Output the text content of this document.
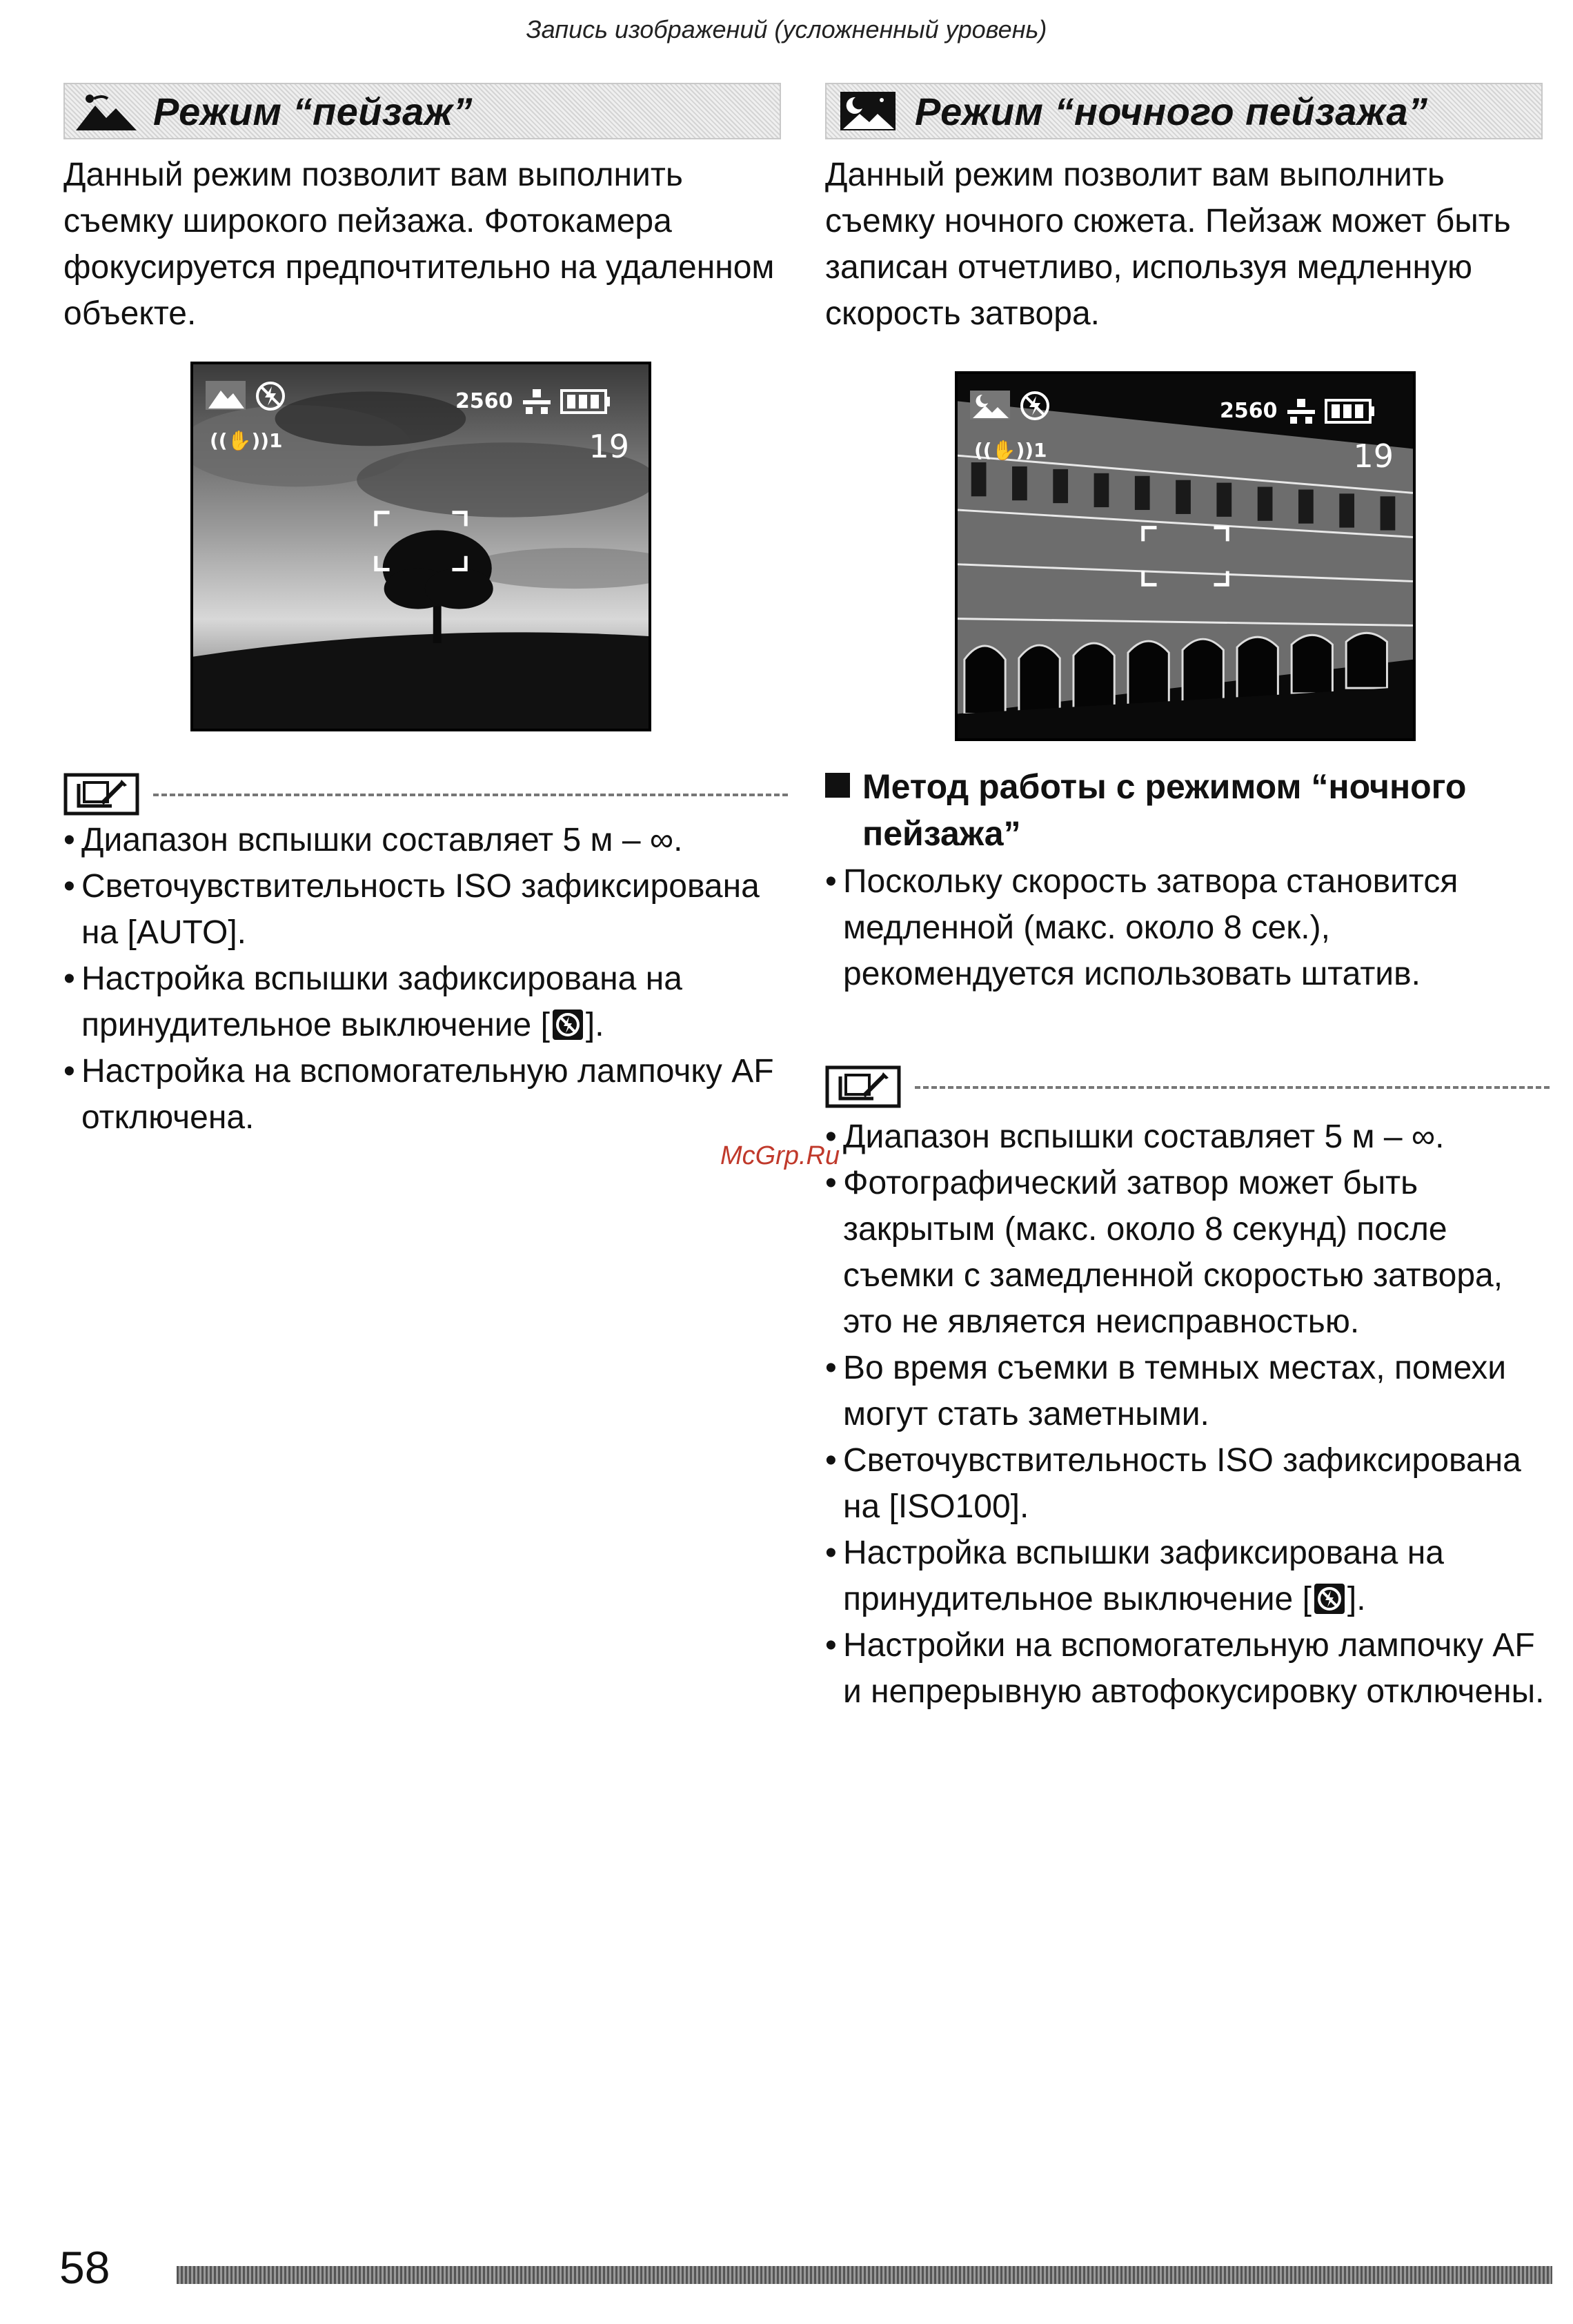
Запись изображений (усложненный уровень)
Режим “пейзаж”

Данный режим позволит вам выполнить съемку широкого пейзажа. Фотокамера фокусируется предпочтительно на удаленном объекте.

2560
((✋))1	19
• Диапазон вспышки составляет 5 м – ∞.
• Светочувствительность ISO зафиксирована на [AUTO].
• Настройка вспышки зафиксирована на принудительное выключение [ ].
• Настройка на вспомогательную лампочку AF отключена.
Режим “ночного пейзажа”

Данный режим позволит вам выполнить съемку ночного сюжета. Пейзаж может быть записан отчетливо, используя медленную скорость затвора.

2560
((✋))1	19
Метод работы с режимом “ночного пейзажа”
• Поскольку скорость затвора становится медленной (макс. около 8 сек.), рекомендуется использовать штатив.
• Диапазон вспышки составляет 5 м – ∞.
• Фотографический затвор может быть закрытым (макс. около 8 секунд) после съемки с замедленной скоростью затвора, это не является неисправностью.
• Во время съемки в темных местах, помехи могут стать заметными.
• Светочувствительность ISO зафиксирована на [ISO100].
• Настройка вспышки зафиксирована на принудительное выключение [ ].
• Настройки на вспомогательную лампочку AF и непрерывную автофокусировку отключены.
McGrp.Ru
58
